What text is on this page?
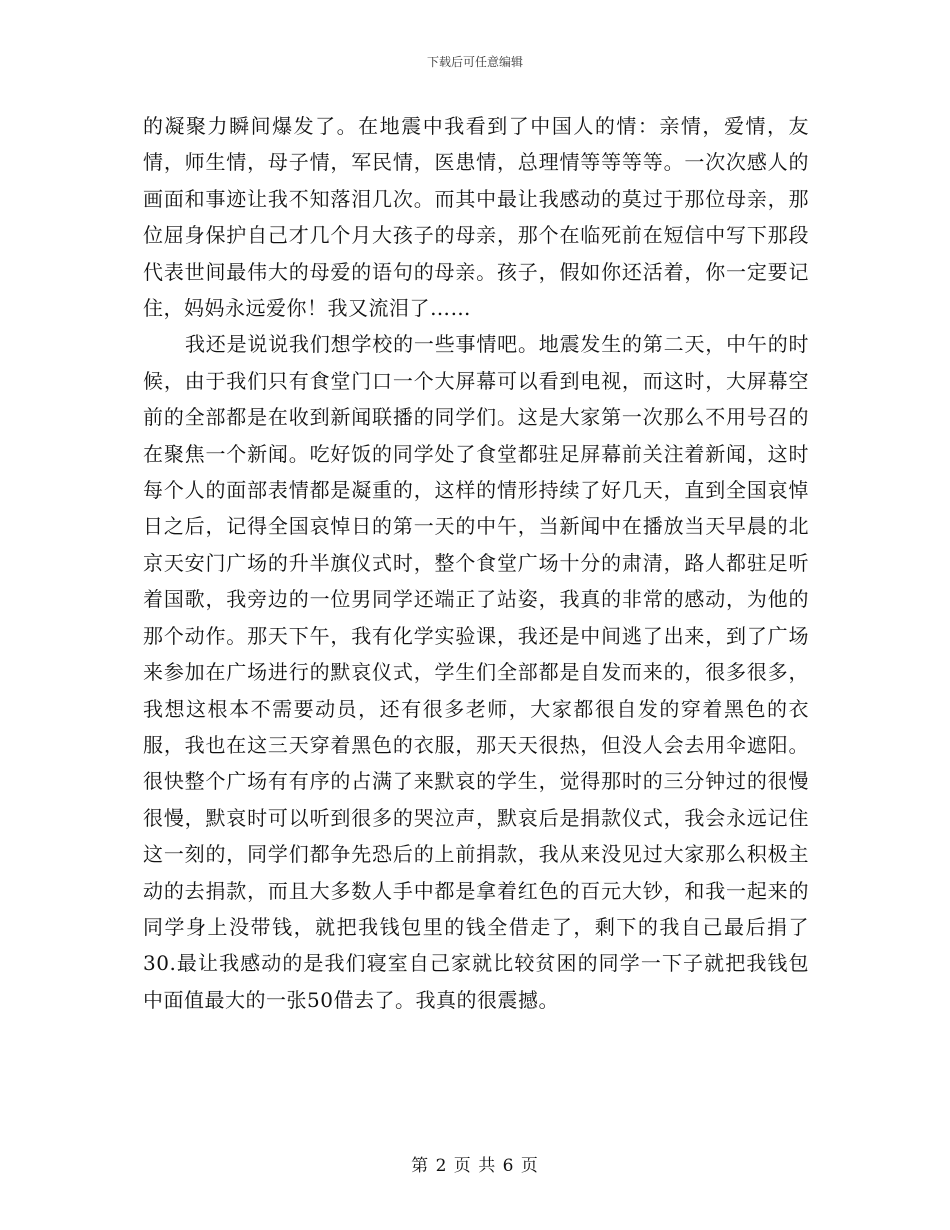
下载后可任意编辑

的凝聚力瞬间爆发了。在地震中我看到了中国人的情：亲情，爱情，友情，师生情，母子情，军民情，医患情，总理情等等等等。一次次感人的画面和事迹让我不知落泪几次。而其中最让我感动的莫过于那位母亲，那位屈身保护自己才几个月大孩子的母亲，那个在临死前在短信中写下那段代表世间最伟大的母爱的语句的母亲。孩子，假如你还活着，你一定要记住，妈妈永远爱你！我又流泪了……

我还是说说我们想学校的一些事情吧。地震发生的第二天，中午的时候，由于我们只有食堂门口一个大屏幕可以看到电视，而这时，大屏幕空前的全部都是在收到新闻联播的同学们。这是大家第一次那么不用号召的在聚焦一个新闻。吃好饭的同学处了食堂都驻足屏幕前关注着新闻，这时每个人的面部表情都是凝重的，这样的情形持续了好几天，直到全国哀悼日之后，记得全国哀悼日的第一天的中午，当新闻中在播放当天早晨的北京天安门广场的升半旗仪式时，整个食堂广场十分的肃清，路人都驻足听着国歌，我旁边的一位男同学还端正了站姿，我真的非常的感动，为他的那个动作。那天下午，我有化学实验课，我还是中间逃了出来，到了广场来参加在广场进行的默哀仪式，学生们全部都是自发而来的，很多很多，我想这根本不需要动员，还有很多老师，大家都很自发的穿着黑色的衣服，我也在这三天穿着黑色的衣服，那天天很热，但没人会去用伞遮阳。很快整个广场有有序的占满了来默哀的学生，觉得那时的三分钟过的很慢很慢，默哀时可以听到很多的哭泣声，默哀后是捐款仪式，我会永远记住这一刻的，同学们都争先恐后的上前捐款，我从来没见过大家那么积极主动的去捐款，而且大多数人手中都是拿着红色的百元大钞，和我一起来的同学身上没带钱，就把我钱包里的钱全借走了，剩下的我自己最后捐了30.最让我感动的是我们寝室自己家就比较贫困的同学一下子就把我钱包中面值最大的一张50借去了。我真的很震撼。

第 2 页 共 6 页
